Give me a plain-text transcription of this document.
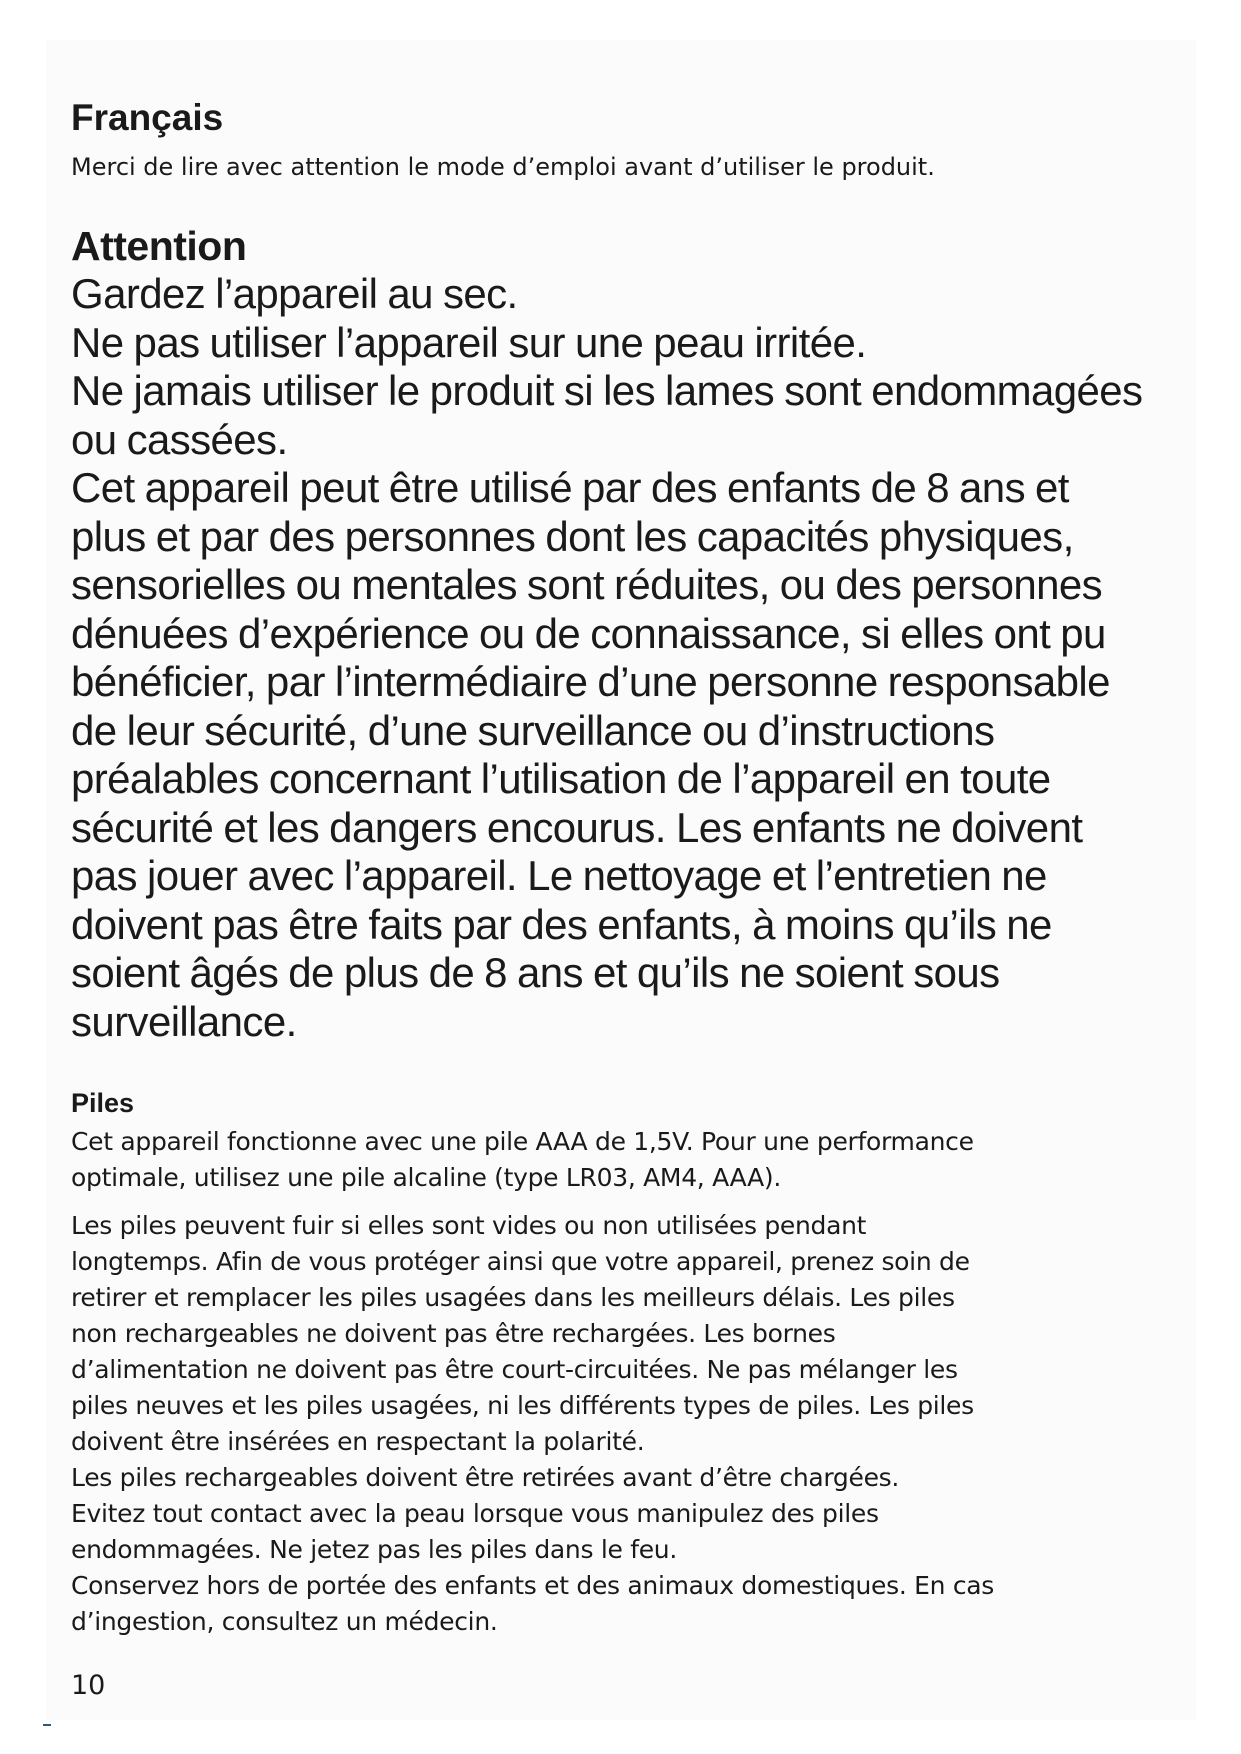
Français

Merci de lire avec attention le mode d’emploi avant d’utiliser le produit.

Attention
Gardez l’appareil au sec.
Ne pas utiliser l’appareil sur une peau irritée.
Ne jamais utiliser le produit si les lames sont endommagées
ou cassées.
Cet appareil peut être utilisé par des enfants de 8 ans et
plus et par des personnes dont les capacités physiques,
sensorielles ou mentales sont réduites, ou des personnes
dénuées d’expérience ou de connaissance, si elles ont pu
bénéficier, par l’intermédiaire d’une personne responsable
de leur sécurité, d’une surveillance ou d’instructions
préalables concernant l’utilisation de l’appareil en toute
sécurité et les dangers encourus. Les enfants ne doivent
pas jouer avec l’appareil. Le nettoyage et l’entretien ne
doivent pas être faits par des enfants, à moins qu’ils ne
soient âgés de plus de 8 ans et qu’ils ne soient sous
surveillance.
Piles

Cet appareil fonctionne avec une pile AAA de 1,5V. Pour une performance
optimale, utilisez une pile alcaline (type LR03, AM4, AAA).

Les piles peuvent fuir si elles sont vides ou non utilisées pendant
longtemps. Afin de vous protéger ainsi que votre appareil, prenez soin de
retirer et remplacer les piles usagées dans les meilleurs délais. Les piles
non rechargeables ne doivent pas être rechargées. Les bornes
d’alimentation ne doivent pas être court-circuitées. Ne pas mélanger les
piles neuves et les piles usagées, ni les différents types de piles. Les piles
doivent être insérées en respectant la polarité.
Les piles rechargeables doivent être retirées avant d’être chargées.
Evitez tout contact avec la peau lorsque vous manipulez des piles
endommagées. Ne jetez pas les piles dans le feu.
Conservez hors de portée des enfants et des animaux domestiques. En cas
d’ingestion, consultez un médecin.

10
